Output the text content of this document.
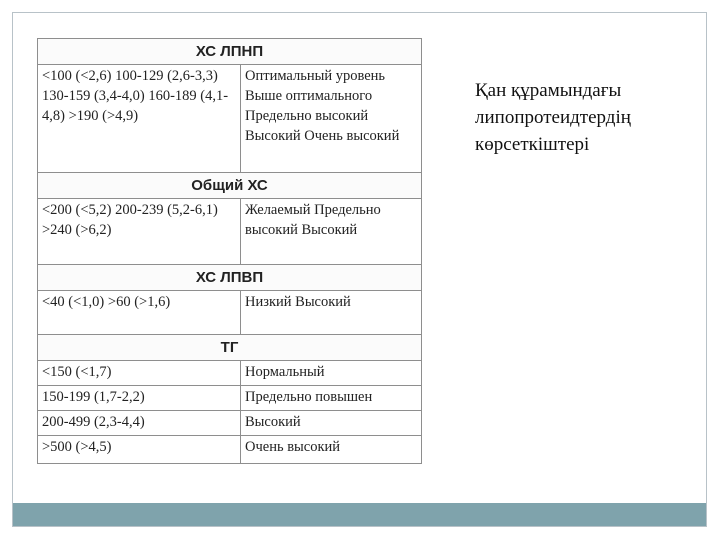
ХС ЛПНП	
<100 (<2,6) 100-129 (2,6-3,3) 130-159 (3,4-4,0) 160-189 (4,1-4,8) >190 (>4,9)	Оптимальный уровень Выше оптимального Предельно высокий Высокий Очень высокий
Общий ХС	
<200 (<5,2) 200-239 (5,2-6,1) >240 (>6,2)	Желаемый Предельно высокий Высокий
ХС ЛПВП	
<40 (<1,0) >60 (>1,6)	Низкий Высокий
ТГ	
<150 (<1,7)	Нормальный
150-199 (1,7-2,2)	Предельно повышен
200-499 (2,3-4,4)	Высокий
>500 (>4,5)	Очень высокий
Қан құрамындағы
липопротеидтердің
көрсеткіштері
